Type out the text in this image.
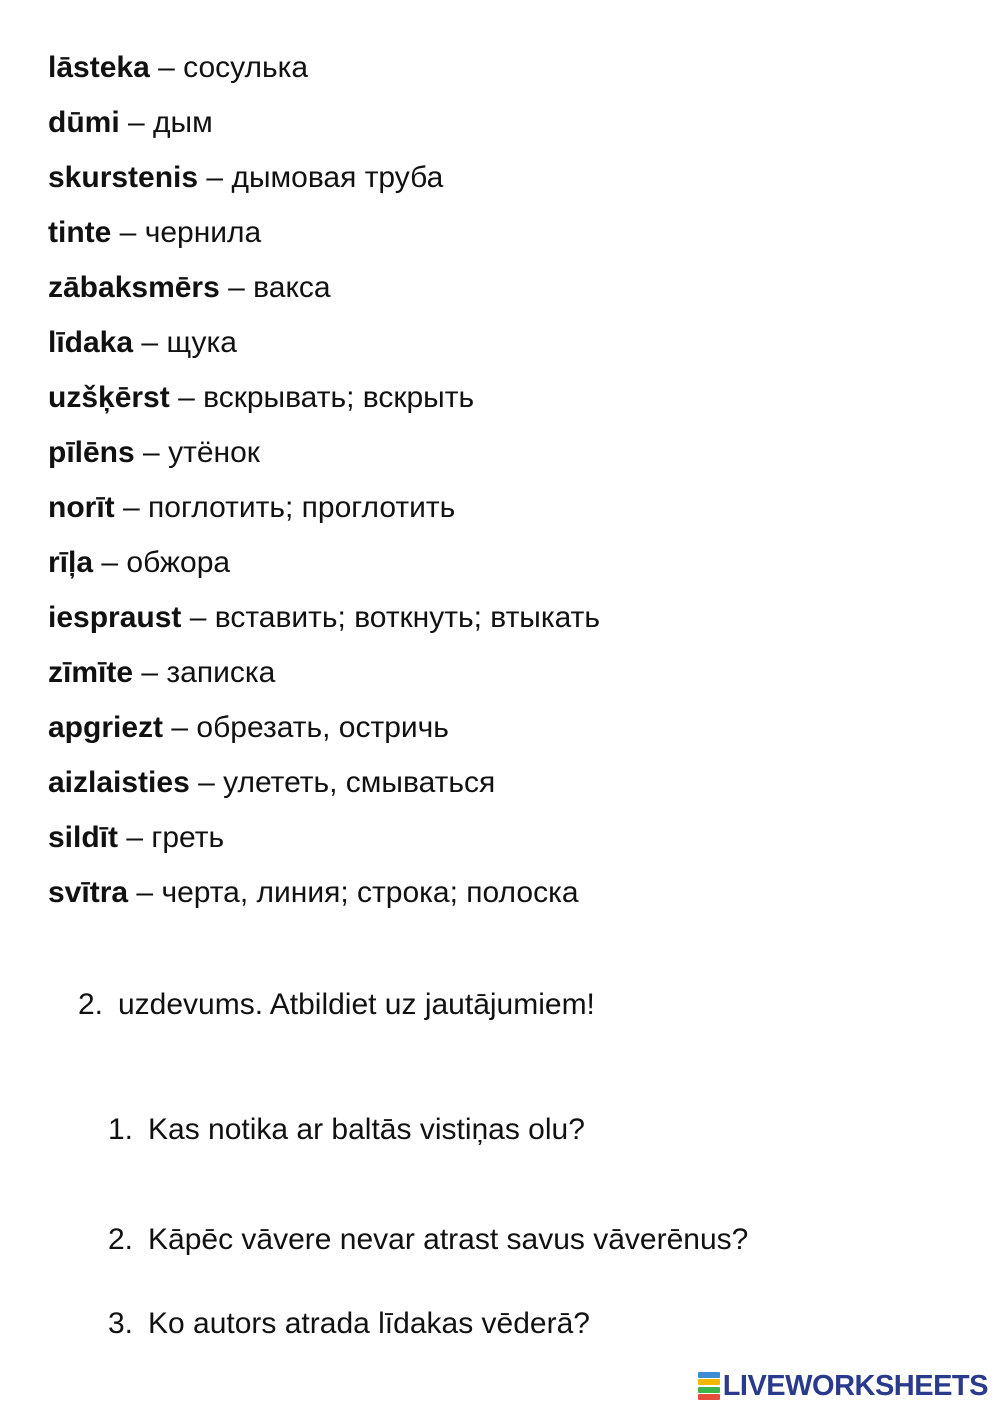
lāsteka – сосулька
dūmi – дым
skurstenis – дымовая труба
tinte – чернила
zābaksmērs – вакса
līdaka – щука
uzšķērst – вскрывать; вскрыть
pīlēns – утёнок
norīt – поглотить; проглотить
rīļa – обжора
iespraust – вставить; воткнуть; втыкать
zīmīte – записка
apgriezt – обрезать, остричь
aizlaisties – улететь, смываться
sildīt – греть
svītra – черта, линия; строка; полоска
2. uzdevums. Atbildiet uz jautājumiem!
1. Kas notika ar baltās vistiņas olu?
2. Kāpēc vāvere nevar atrast savus vāverēnus?
3. Ko autors atrada līdakas vēderā?
LIVEWORKSHEETS
